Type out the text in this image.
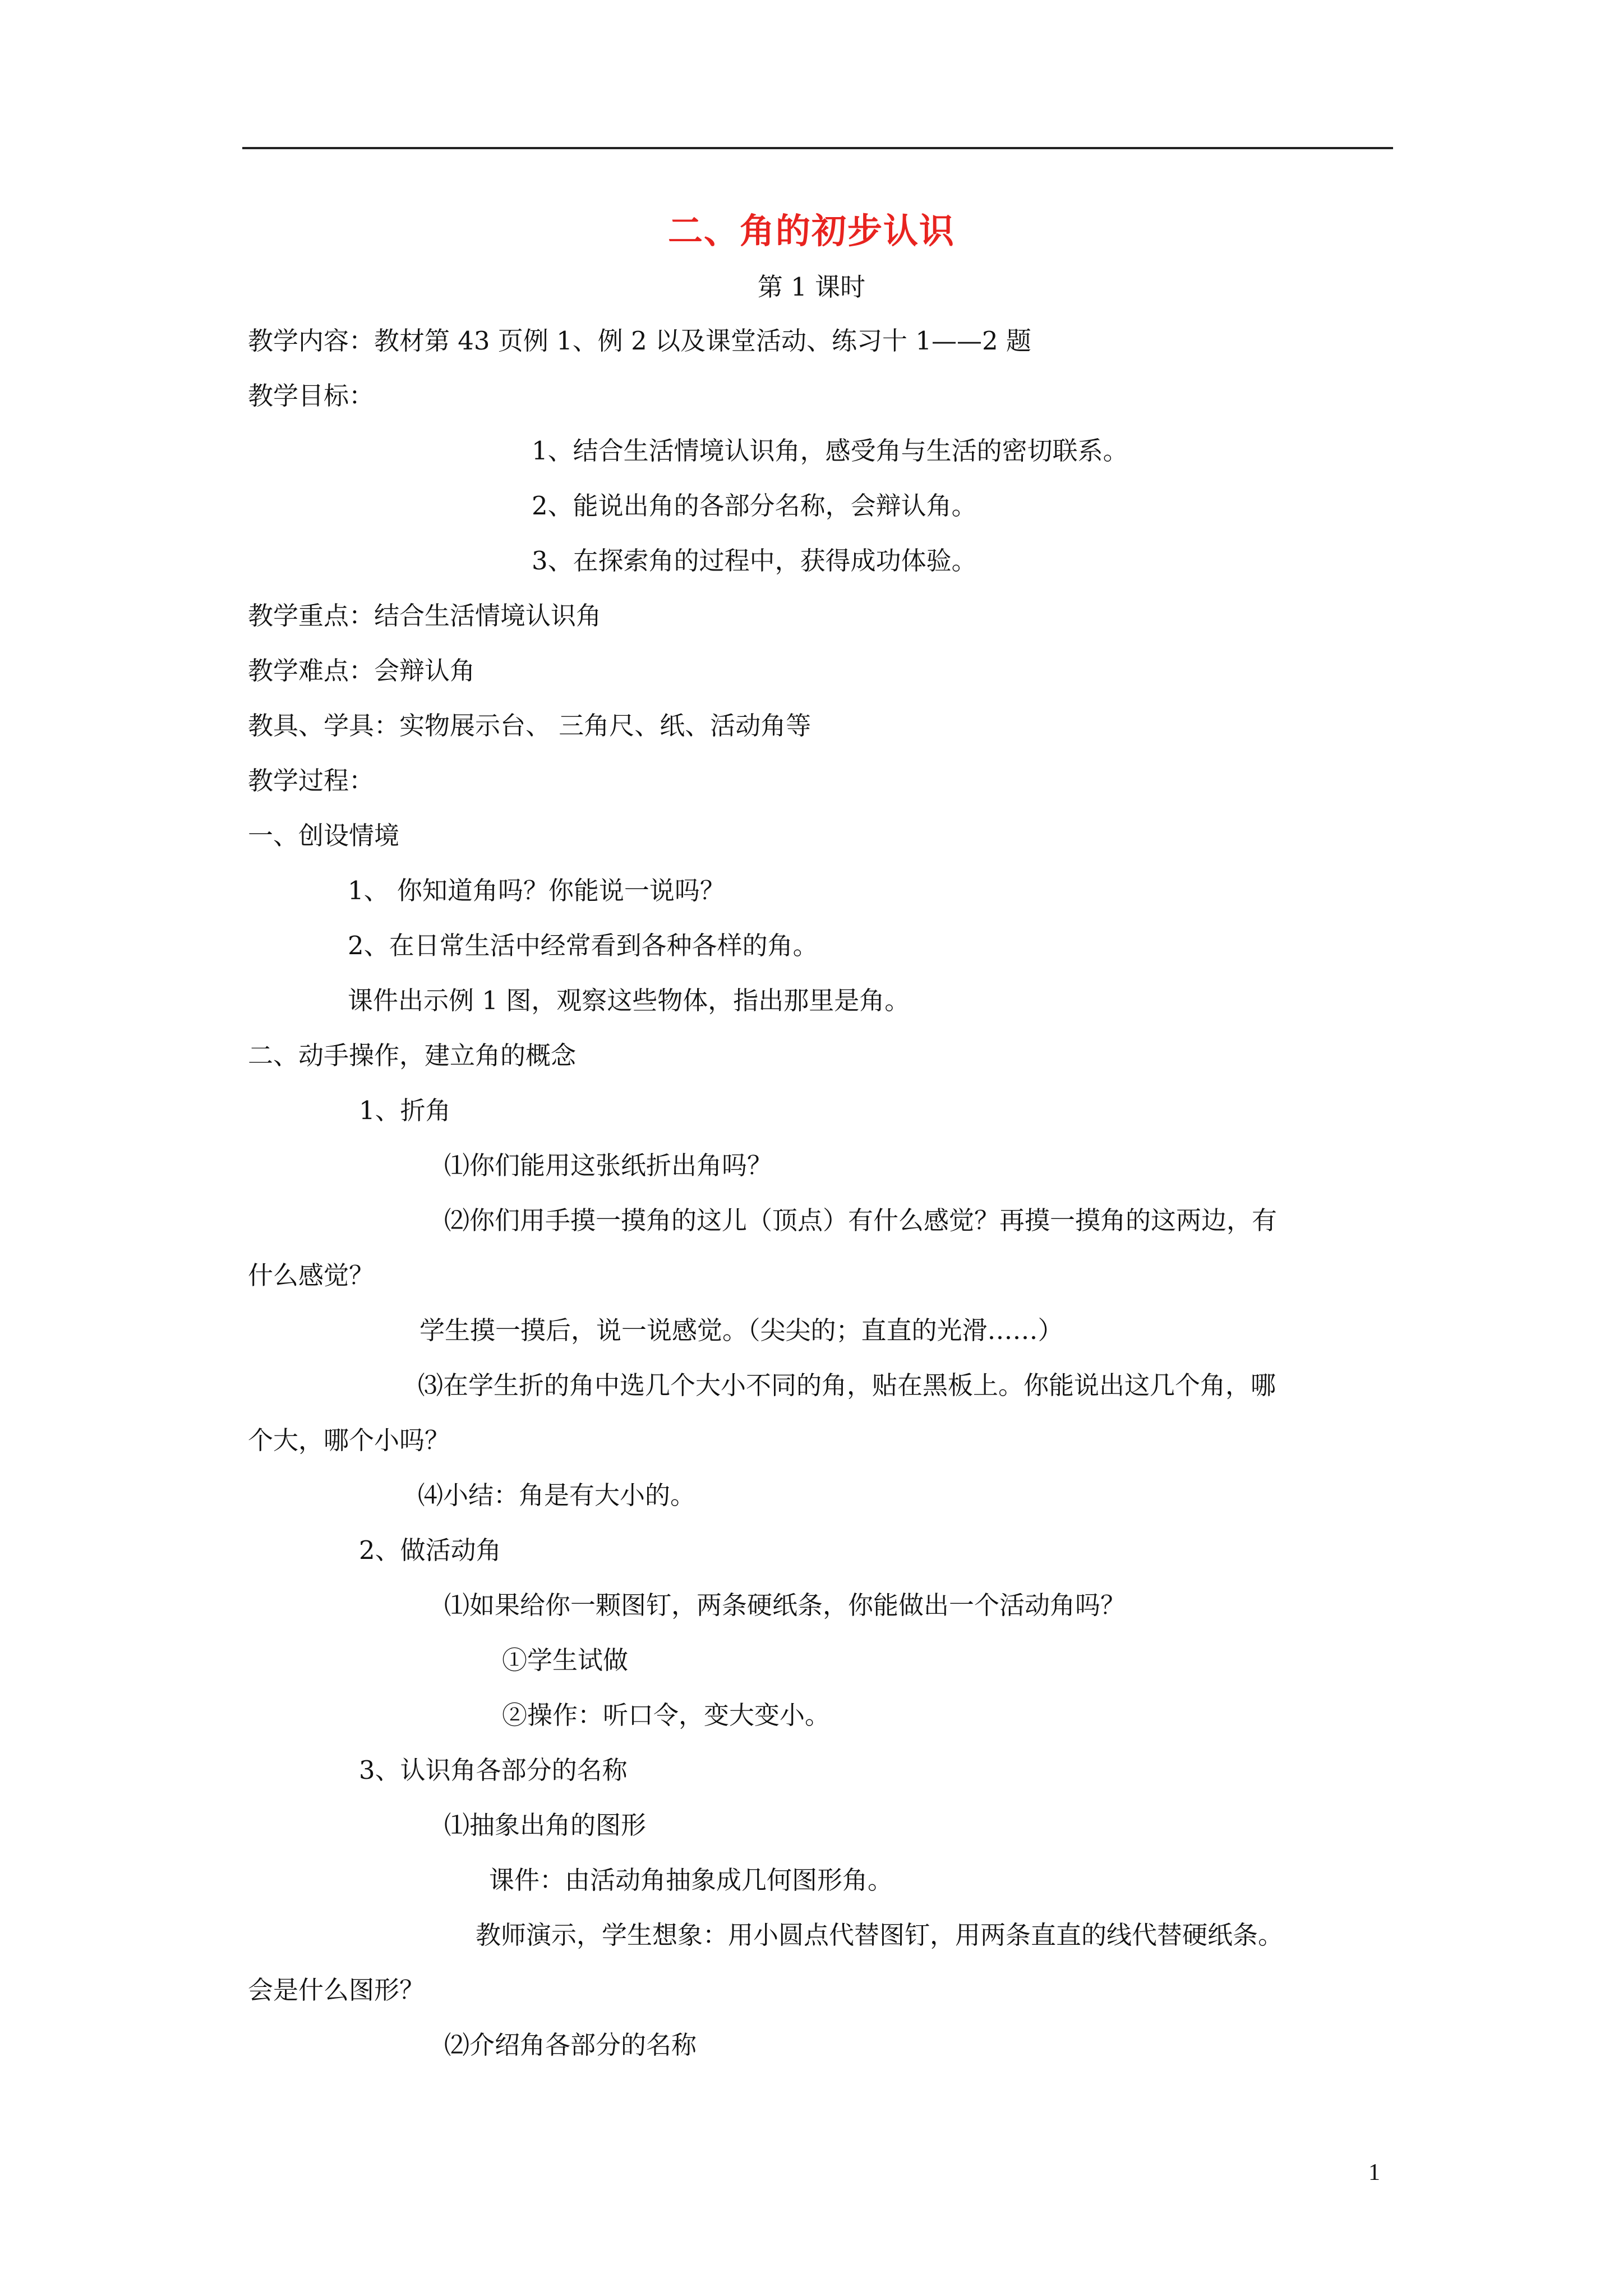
二、角的初步认识
第 1 课时
教学内容：教材第 43 页例 1、例 2 以及课堂活动、练习十 1——2 题
教学目标：
1、结合生活情境认识角，感受角与生活的密切联系。
2、能说出角的各部分名称，会辩认角。
3、在探索角的过程中，获得成功体验。
教学重点：结合生活情境认识角
教学难点：会辩认角
教具、学具：实物展示台、 三角尺、纸、活动角等
教学过程：
一、创设情境
1、 你知道角吗？你能说一说吗？
2、在日常生活中经常看到各种各样的角。
课件出示例 1 图，观察这些物体，指出那里是角。
二、动手操作，建立角的概念
1、折角
⑴你们能用这张纸折出角吗？
⑵你们用手摸一摸角的这儿（顶点）有什么感觉？再摸一摸角的这两边，有
什么感觉？
学生摸一摸后，说一说感觉。（尖尖的；直直的光滑……）
⑶在学生折的角中选几个大小不同的角，贴在黑板上。你能说出这几个角，哪
个大，哪个小吗？
⑷小结：角是有大小的。
2、做活动角
⑴如果给你一颗图钉，两条硬纸条，你能做出一个活动角吗？
①学生试做
②操作：听口令，变大变小。
3、认识角各部分的名称
⑴抽象出角的图形
课件：由活动角抽象成几何图形角。
教师演示，学生想象：用小圆点代替图钉，用两条直直的线代替硬纸条。
会是什么图形？
⑵介绍角各部分的名称
1
